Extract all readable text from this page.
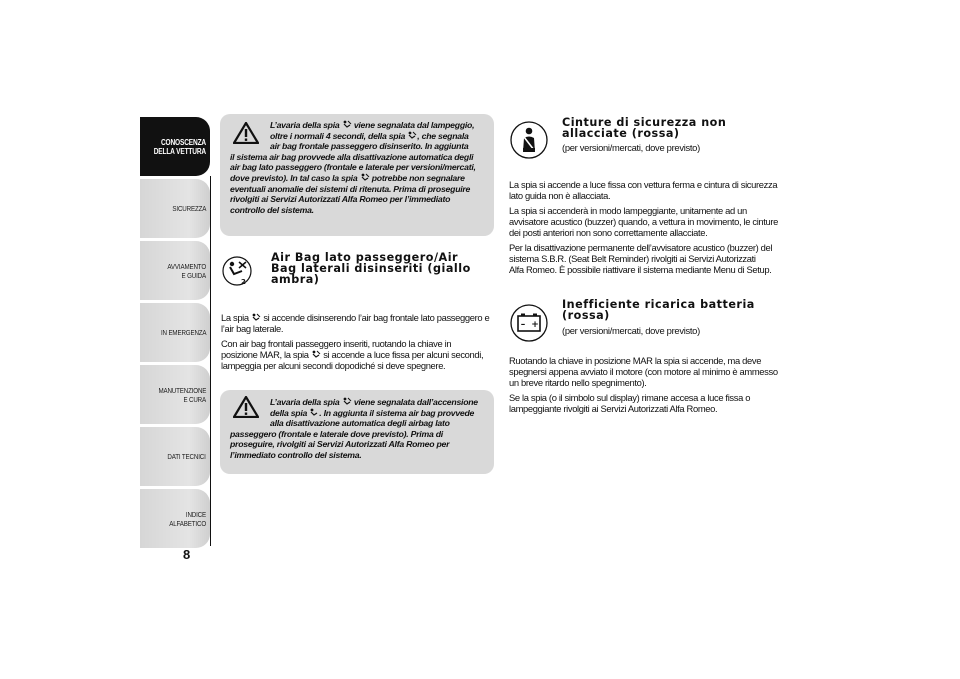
CONOSCENZA DELLA VETTURA
SICUREZZA
AVVIAMENTO E GUIDA
IN EMERGENZA
MANUTENZIONE E CURA
DATI TECNICI
INDICE ALFABETICO
8
L’avaria della spia viene segnalata dal lampeggio,
oltre i normali 4 secondi, della spia , che segnala
air bag frontale passeggero disinserito. In aggiunta
il sistema air bag provvede alla disattivazione automatica degli
air bag lato passeggero (frontale e laterale per versioni/mercati,
dove previsto). In tal caso la spia potrebbe non segnalare
eventuali anomalie dei sistemi di ritenuta. Prima di proseguire
rivolgiti ai Servizi Autorizzati Alfa Romeo per l’immediato
controllo del sistema.
2
Air Bag lato passeggero/Air
Bag laterali disinseriti (giallo
ambra)

La spia si accende disinserendo l’air bag frontale lato passeggero e
l’air bag laterale.

Con air bag frontali passeggero inseriti, ruotando la chiave in
posizione MAR, la spia si accende a luce fissa per alcuni secondi,
lampeggia per alcuni secondi dopodiché si deve spegnere.

L’avaria della spia viene segnalata dall’accensione
della spia . In aggiunta il sistema air bag provvede
alla disattivazione automatica degli airbag lato
passeggero (frontale e laterale dove previsto). Prima di
proseguire, rivolgiti ai Servizi Autorizzati Alfa Romeo per
l’immediato controllo del sistema.
Cinture di sicurezza non
allacciate (rossa)
(per versioni/mercati, dove previsto)

La spia si accende a luce fissa con vettura ferma e cintura di sicurezza
lato guida non è allacciata.

La spia si accenderà in modo lampeggiante, unitamente ad un
avvisatore acustico (buzzer) quando, a vettura in movimento, le cinture
dei posti anteriori non sono correttamente allacciate.

Per la disattivazione permanente dell’avvisatore acustico (buzzer) del
sistema S.B.R. (Seat Belt Reminder) rivolgiti ai Servizi Autorizzati
Alfa Romeo. È possibile riattivare il sistema mediante Menu di Setup.

– +
Inefficiente ricarica batteria
(rossa)
(per versioni/mercati, dove previsto)

Ruotando la chiave in posizione MAR la spia si accende, ma deve
spegnersi appena avviato il motore (con motore al minimo è ammesso
un breve ritardo nello spegnimento).

Se la spia (o il simbolo sul display) rimane accesa a luce fissa o
lampeggiante rivolgiti ai Servizi Autorizzati Alfa Romeo.
